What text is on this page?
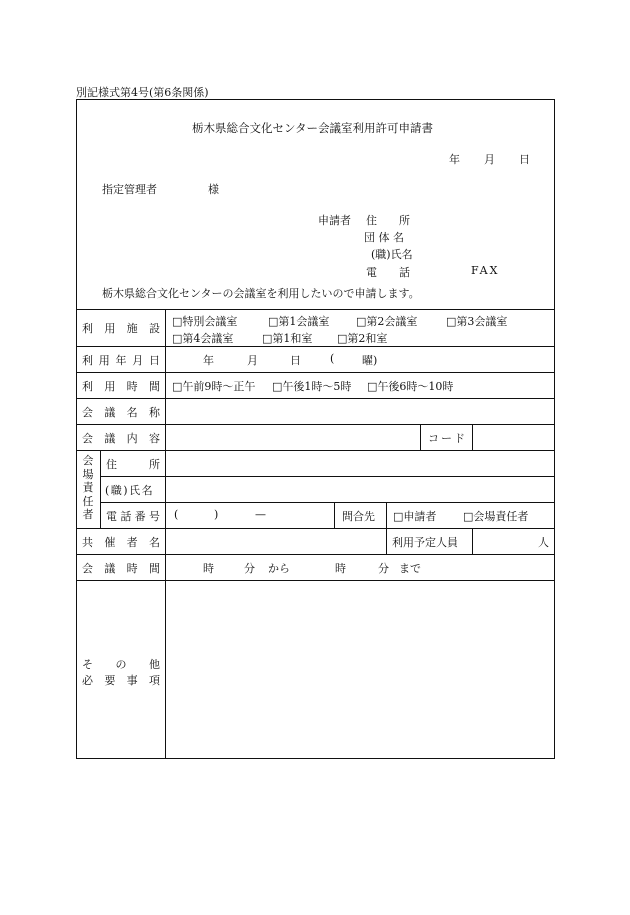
別記様式第4号(第6条関係)
栃木県総合文化センター会議室利用許可申請書
年 月 日
指定管理者	様
申請者 住　　所
団 体 名
(職)氏名
電　　話	FAX
栃木県総合文化センターの会議室を利用したいので申請します。
利 用 施 設
□特別会議室	□第1会議室 □第2会議室	□第3会議室
□第4会議室	□第1和室 □第2和室
利 用 年 月 日	年	月	日	(	曜)
利 用 時 間 □午前9時～正午 □午後1時～5時 □午後6時～10時
会 議 名 称
会 議 内 容	コード
会
場
責
任
者
住	所
(職)氏名
電 話 番 号 (	)	—	問合先 □申請者 □会場責任者
共 催 者 名	利用予定人員	人
会 議 時 間	時	分 から	時	分 まで
そ の 他
必 要 事 項
